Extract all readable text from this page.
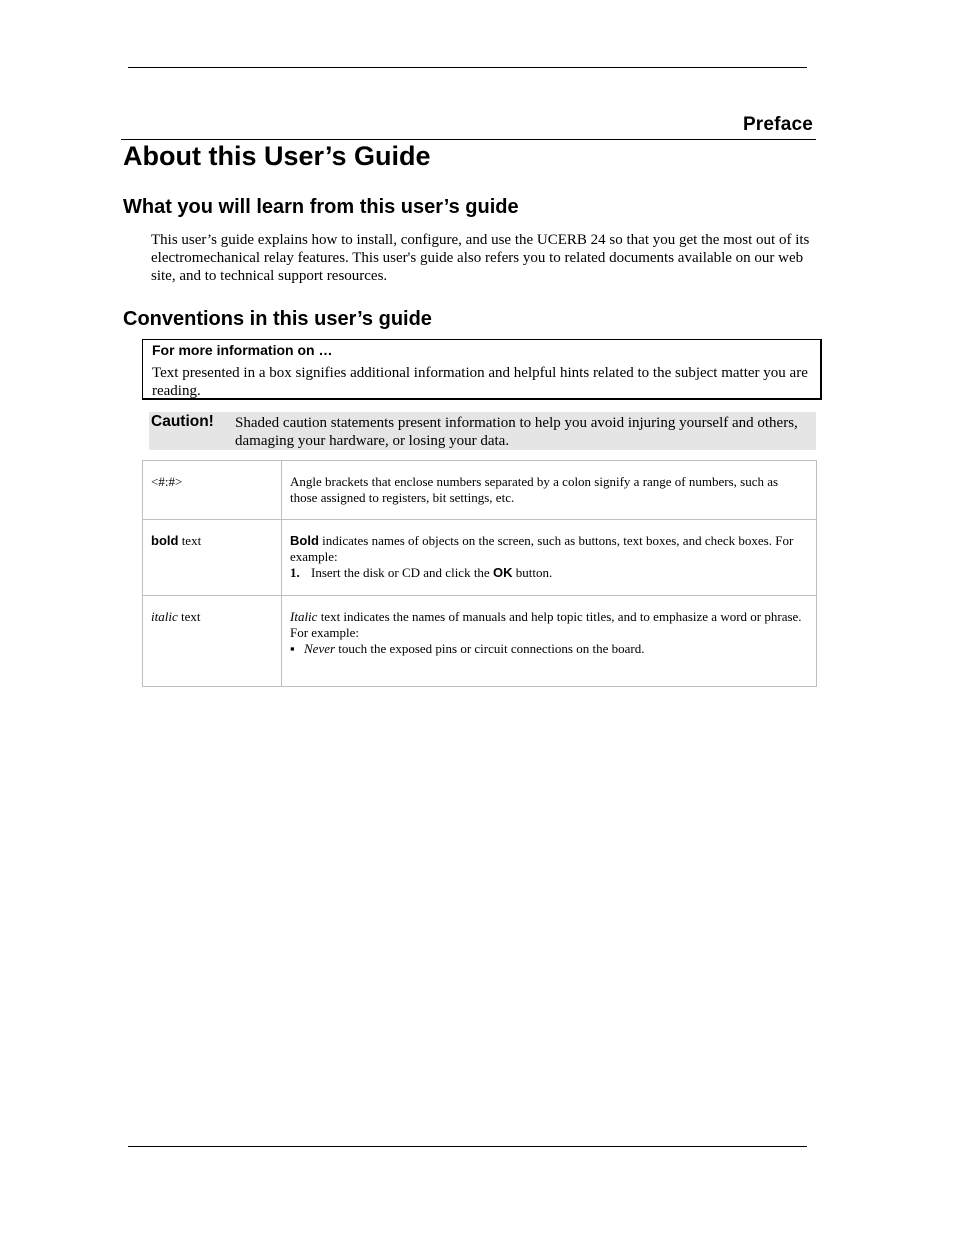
Preface
About this User’s Guide
What you will learn from this user’s guide
This user’s guide explains how to install, configure, and use the UCERB 24 so that you get the most out of its electromechanical relay features. This user's guide also refers you to related documents available on our web site, and to technical support resources.
Conventions in this user’s guide
For more information on …
Text presented in a box signifies additional information and helpful hints related to the subject matter you are reading.
Caution! Shaded caution statements present information to help you avoid injuring yourself and others, damaging your hardware, or losing your data.
<#:#>	Angle brackets that enclose numbers separated by a colon signify a range of numbers, such as those assigned to registers, bit settings, etc.
bold text	Bold indicates names of objects on the screen, such as buttons, text boxes, and check boxes. For example:
1. Insert the disk or CD and click the OK button.

italic text	Italic text indicates the names of manuals and help topic titles, and to emphasize a word or phrase. For example:
▪ Never touch the exposed pins or circuit connections on the board.
